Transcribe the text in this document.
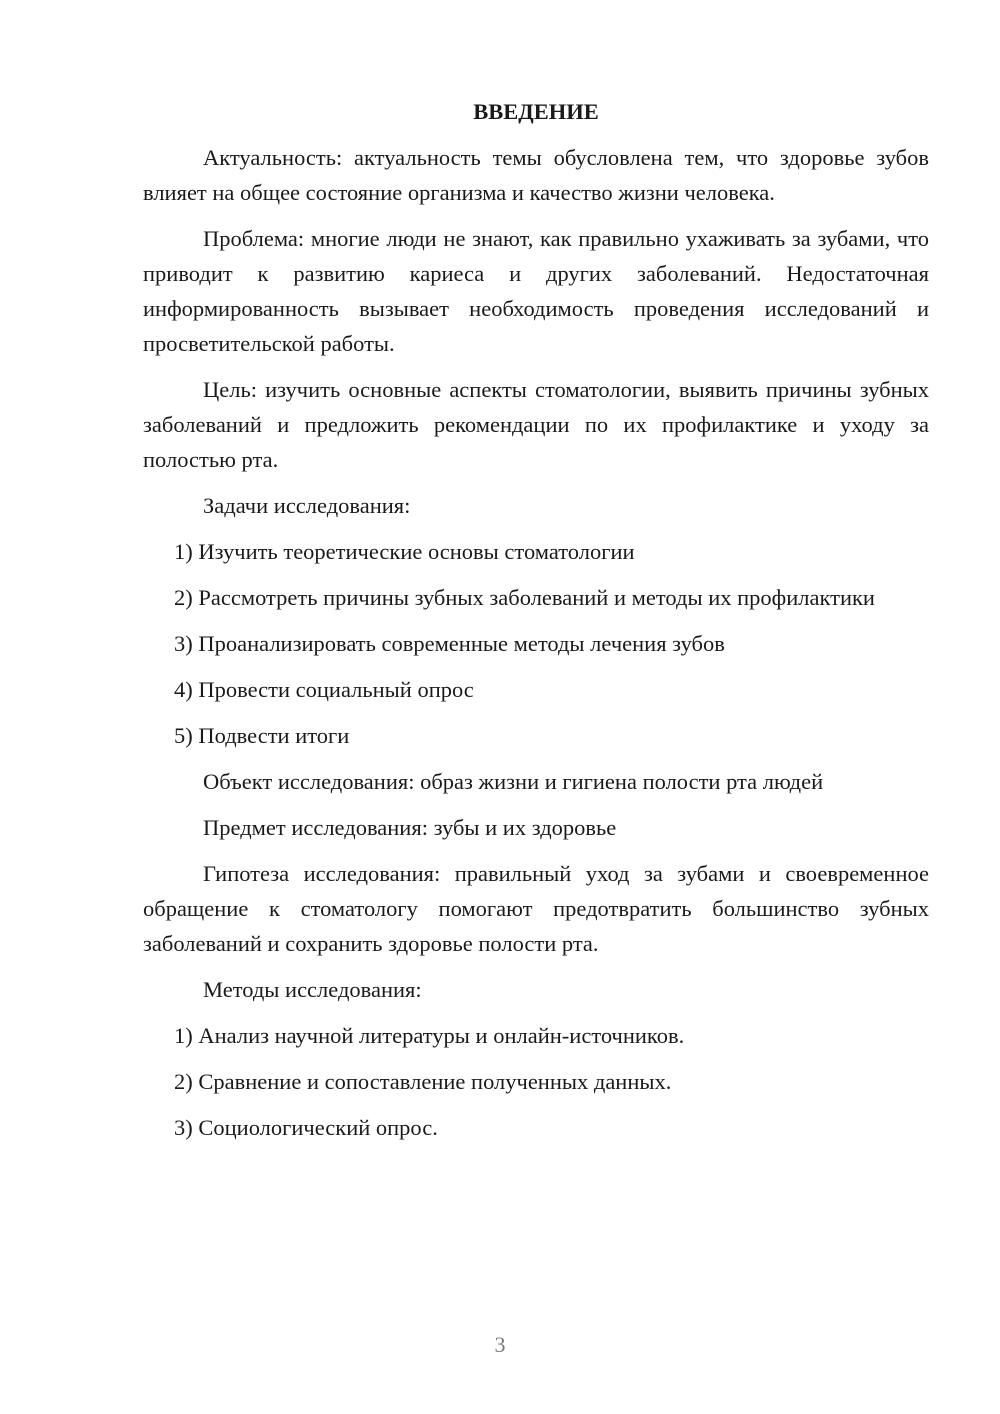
ВВЕДЕНИЕ

Актуальность: актуальность темы обусловлена тем, что здоровье зубов влияет на общее состояние организма и качество жизни человека.

Проблема: многие люди не знают, как правильно ухаживать за зубами, что приводит к развитию кариеса и других заболеваний. Недостаточная информированность вызывает необходимость проведения исследований и просветительской работы.

Цель: изучить основные аспекты стоматологии, выявить причины зубных заболеваний и предложить рекомендации по их профилактике и уходу за полостью рта.

Задачи исследования:

1) Изучить теоретические основы стоматологии

2) Рассмотреть причины зубных заболеваний и методы их профилактики

3) Проанализировать современные методы лечения зубов

4) Провести социальный опрос

5) Подвести итоги

Объект исследования: образ жизни и гигиена полости рта людей

Предмет исследования: зубы и их здоровье

Гипотеза исследования: правильный уход за зубами и своевременное обращение к стоматологу помогают предотвратить большинство зубных заболеваний и сохранить здоровье полости рта.

Методы исследования:

1) Анализ научной литературы и онлайн-источников.

2) Сравнение и сопоставление полученных данных.

3) Социологический опрос.

3
